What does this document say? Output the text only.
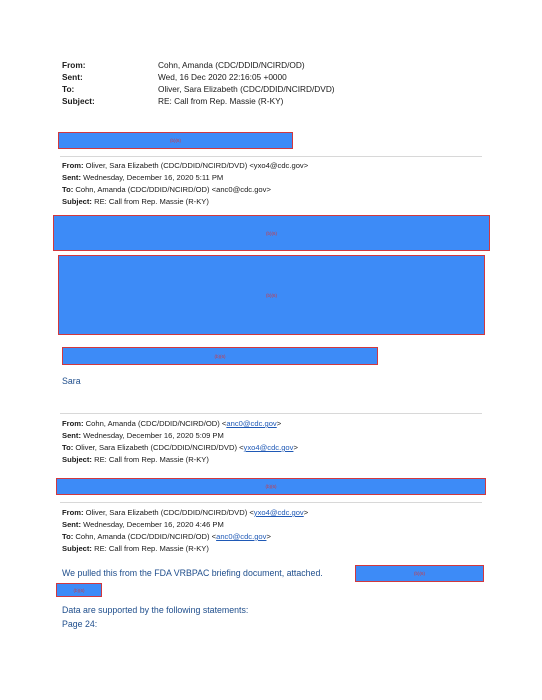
From:	Cohn, Amanda (CDC/DDID/NCIRD/OD)
Sent:	Wed, 16 Dec 2020 22:16:05 +0000
To:	Oliver, Sara Elizabeth (CDC/DDID/NCIRD/DVD)
Subject:	RE: Call from Rep. Massie (R-KY)
(b)(6)
From: Oliver, Sara Elizabeth (CDC/DDID/NCIRD/DVD) <yxo4@cdc.gov>
Sent: Wednesday, December 16, 2020 5:11 PM
To: Cohn, Amanda (CDC/DDID/NCIRD/OD) <anc0@cdc.gov>
Subject: RE: Call from Rep. Massie (R-KY)
(b)(6)
(b)(6)
(b)(6)
Sara
From: Cohn, Amanda (CDC/DDID/NCIRD/OD) <anc0@cdc.gov>
Sent: Wednesday, December 16, 2020 5:09 PM
To: Oliver, Sara Elizabeth (CDC/DDID/NCIRD/DVD) <yxo4@cdc.gov>
Subject: RE: Call from Rep. Massie (R-KY)
(b)(6)
From: Oliver, Sara Elizabeth (CDC/DDID/NCIRD/DVD) <yxo4@cdc.gov>
Sent: Wednesday, December 16, 2020 4:46 PM
To: Cohn, Amanda (CDC/DDID/NCIRD/OD) <anc0@cdc.gov>
Subject: RE: Call from Rep. Massie (R-KY)
We pulled this from the FDA VRBPAC briefing document, attached.	(b)(6)
(b)(6)
Data are supported by the following statements:
Page 24:
